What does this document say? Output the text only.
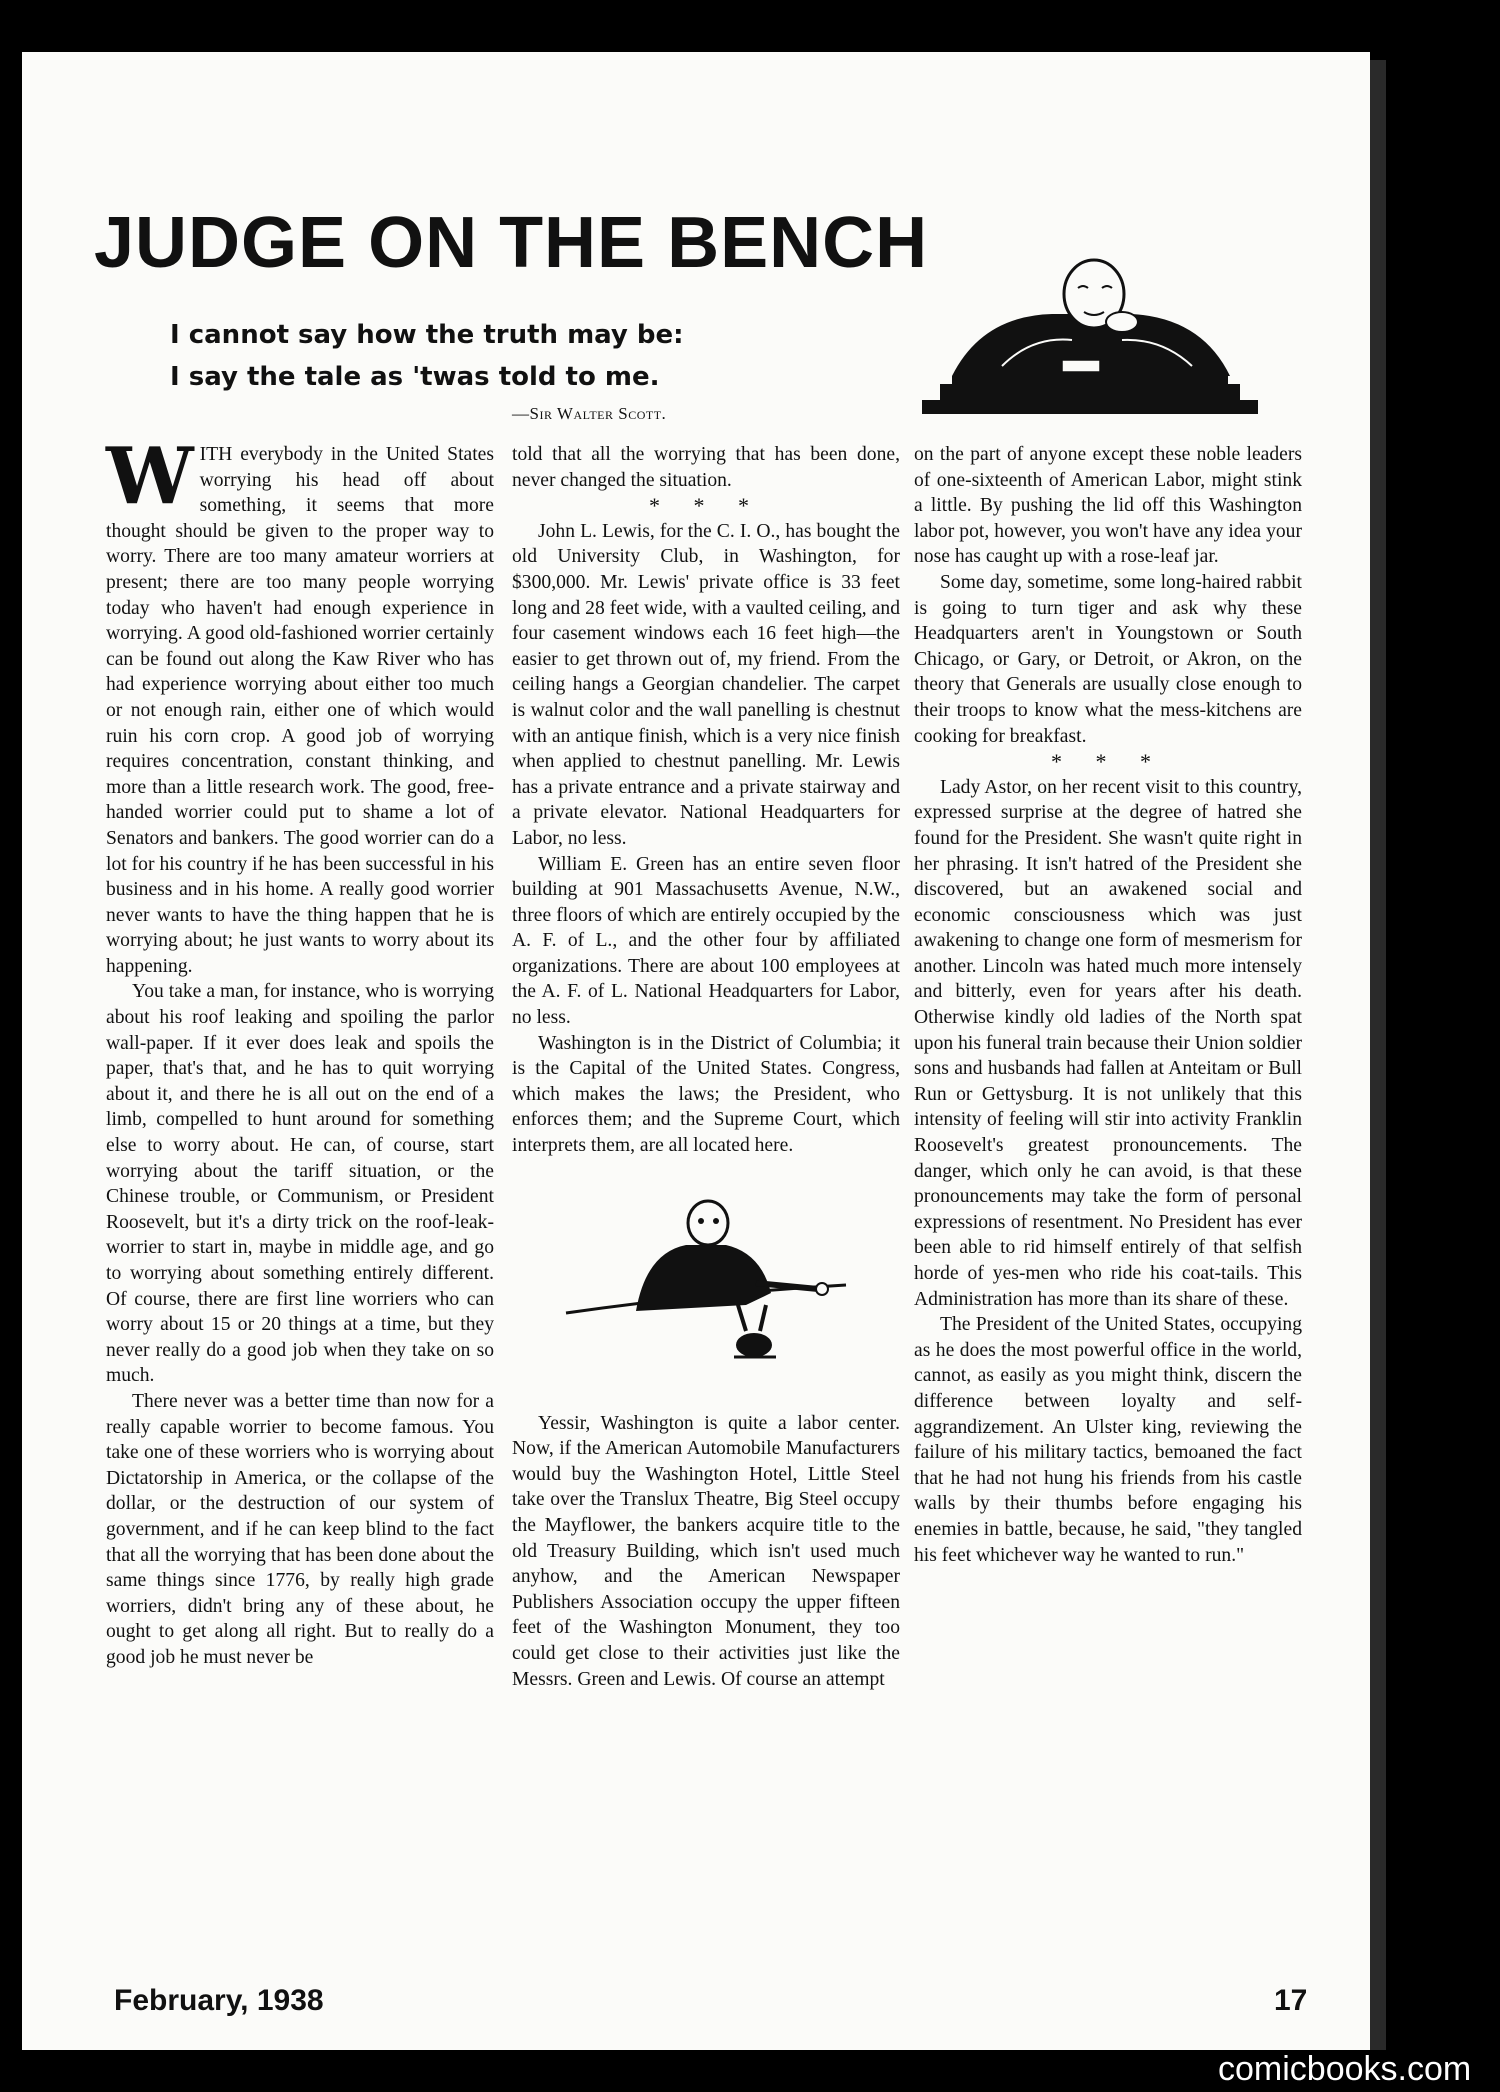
JUDGE ON THE BENCH
I cannot say how the truth may be:
I say the tale as 'twas told to me.
—Sir Walter Scott.

WITH everybody in the United States worrying his head off about something, it seems that more thought should be given to the proper way to worry. There are too many amateur worriers at present; there are too many people worrying today who haven't had enough experience in worrying. A good old-fashioned worrier certainly can be found out along the Kaw River who has had experience worrying about either too much or not enough rain, either one of which would ruin his corn crop. A good job of worrying requires concentration, constant thinking, and more than a little research work. The good, free-handed worrier could put to shame a lot of Senators and bankers. The good worrier can do a lot for his country if he has been successful in his business and in his home. A really good worrier never wants to have the thing happen that he is worrying about; he just wants to worry about its happening.

You take a man, for instance, who is worrying about his roof leaking and spoiling the parlor wall-paper. If it ever does leak and spoils the paper, that's that, and he has to quit worrying about it, and there he is all out on the end of a limb, compelled to hunt around for something else to worry about. He can, of course, start worrying about the tariff situation, or the Chinese trouble, or Communism, or President Roosevelt, but it's a dirty trick on the roof-leak-worrier to start in, maybe in middle age, and go to worrying about something entirely different. Of course, there are first line worriers who can worry about 15 or 20 things at a time, but they never really do a good job when they take on so much.

There never was a better time than now for a really capable worrier to become famous. You take one of these worriers who is worrying about Dictatorship in America, or the collapse of the dollar, or the destruction of our system of government, and if he can keep blind to the fact that all the worrying that has been done about the same things since 1776, by really high grade worriers, didn't bring any of these about, he ought to get along all right. But to really do a good job he must never be

told that all the worrying that has been done, never changed the situation.

* * *

John L. Lewis, for the C. I. O., has bought the old University Club, in Washington, for $300,000. Mr. Lewis' private office is 33 feet long and 28 feet wide, with a vaulted ceiling, and four casement windows each 16 feet high—the easier to get thrown out of, my friend. From the ceiling hangs a Georgian chandelier. The carpet is walnut color and the wall panelling is chestnut with an antique finish, which is a very nice finish when applied to chestnut panelling. Mr. Lewis has a private entrance and a private stairway and a private elevator. National Headquarters for Labor, no less.

William E. Green has an entire seven floor building at 901 Massachusetts Avenue, N.W., three floors of which are entirely occupied by the A. F. of L., and the other four by affiliated organizations. There are about 100 employees at the A. F. of L. National Headquarters for Labor, no less.

Washington is in the District of Columbia; it is the Capital of the United States. Congress, which makes the laws; the President, who enforces them; and the Supreme Court, which interprets them, are all located here.

Yessir, Washington is quite a labor center. Now, if the American Automobile Manufacturers would buy the Washington Hotel, Little Steel take over the Translux Theatre, Big Steel occupy the Mayflower, the bankers acquire title to the old Treasury Building, which isn't used much anyhow, and the American Newspaper Publishers Association occupy the upper fifteen feet of the Washington Monument, they too could get close to their activities just like the Messrs. Green and Lewis. Of course an attempt

on the part of anyone except these noble leaders of one-sixteenth of American Labor, might stink a little. By pushing the lid off this Washington labor pot, however, you won't have any idea your nose has caught up with a rose-leaf jar.

Some day, sometime, some long-haired rabbit is going to turn tiger and ask why these Headquarters aren't in Youngstown or South Chicago, or Gary, or Detroit, or Akron, on the theory that Generals are usually close enough to their troops to know what the mess-kitchens are cooking for breakfast.

* * *

Lady Astor, on her recent visit to this country, expressed surprise at the degree of hatred she found for the President. She wasn't quite right in her phrasing. It isn't hatred of the President she discovered, but an awakened social and economic consciousness which was just awakening to change one form of mesmerism for another. Lincoln was hated much more intensely and bitterly, even for years after his death. Otherwise kindly old ladies of the North spat upon his funeral train because their Union soldier sons and husbands had fallen at Anteitam or Bull Run or Gettysburg. It is not unlikely that this intensity of feeling will stir into activity Franklin Roosevelt's greatest pronouncements. The danger, which only he can avoid, is that these pronouncements may take the form of personal expressions of resentment. No President has ever been able to rid himself entirely of that selfish horde of yes-men who ride his coat-tails. This Administration has more than its share of these.

The President of the United States, occupying as he does the most powerful office in the world, cannot, as easily as you might think, discern the difference between loyalty and self-aggrandizement. An Ulster king, reviewing the failure of his military tactics, bemoaned the fact that he had not hung his friends from his castle walls by their thumbs before engaging his enemies in battle, because, he said, "they tangled his feet whichever way he wanted to run."

February, 1938	17
comicbooks.com
